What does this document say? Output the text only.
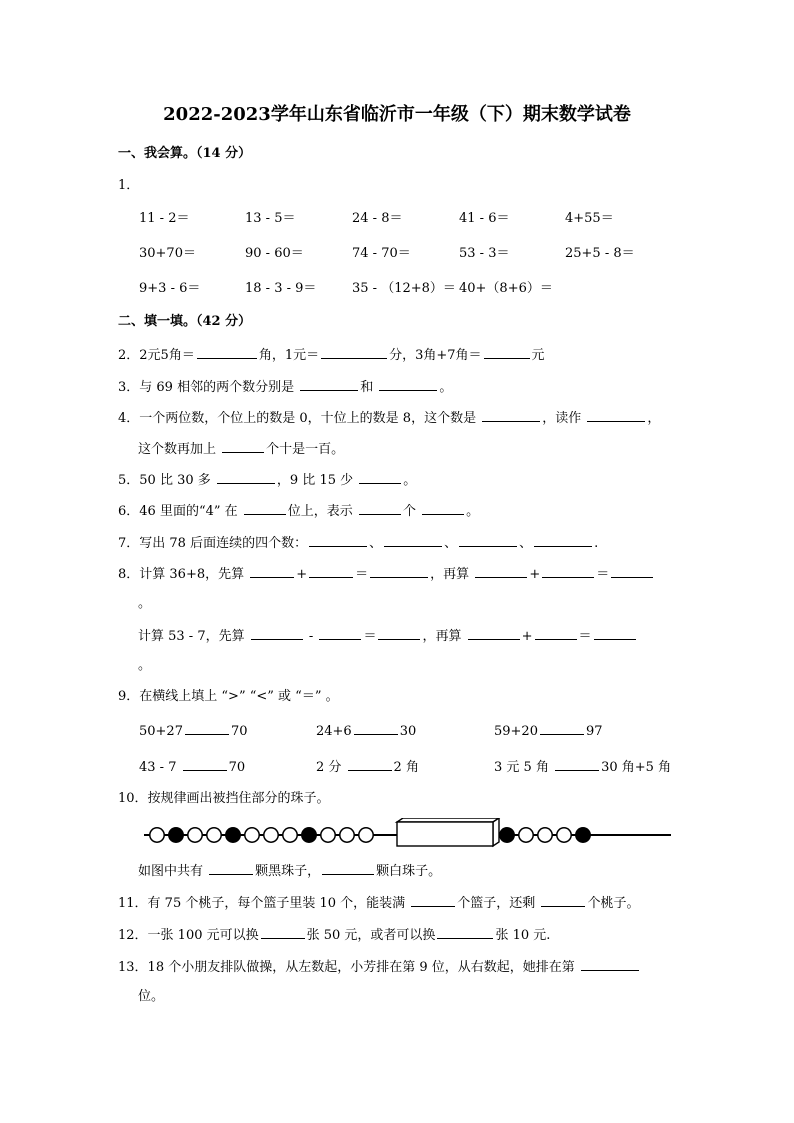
2022-2023学年山东省临沂市一年级（下）期末数学试卷
一、我会算。（14 分）
1．
11 - 2＝	13 - 5＝	24 - 8＝	41 - 6＝	4+55＝
30+70＝	90 - 60＝	74 - 70＝	53 - 3＝	25+5 - 8＝
9+3 - 6＝	18 - 3 - 9＝	35 - （12+8）＝ 40+（8+6）＝
二、填一填。（42 分）
2．2元5角＝	角，1元＝	分，3角+7角＝	元
3．与 69 相邻的两个数分别是	和	。
4．一个两位数，个位上的数是 0，十位上的数是 8，这个数是	，读作	，
这个数再加上	个十是一百。
5．50 比 30 多	，9 比 15 少	。
6．46 里面的“4” 在	位上，表示	个	。
7．写出 78 后面连续的四个数：	、	、	、	.
8．计算 36+8，先算	+	＝	，再算	+	＝
。
计算 53 - 7，先算	-	＝	，再算	+	＝
。
9．在横线上填上 “>” “<” 或 “＝” 。
50+27	70	24+6	30	59+20	97
43 - 7	70	2 分	2 角	3 元 5 角	30 角+5 角
10．按规律画出被挡住部分的珠子。
如图中共有	颗黑珠子，	颗白珠子。
11．有 75 个桃子，每个篮子里装 10 个，能装满	个篮子，还剩	个桃子。
12．一张 100 元可以换	张 50 元，或者可以换	张 10 元.
13．18 个小朋友排队做操，从左数起，小芳排在第 9 位，从右数起，她排在第
位。
